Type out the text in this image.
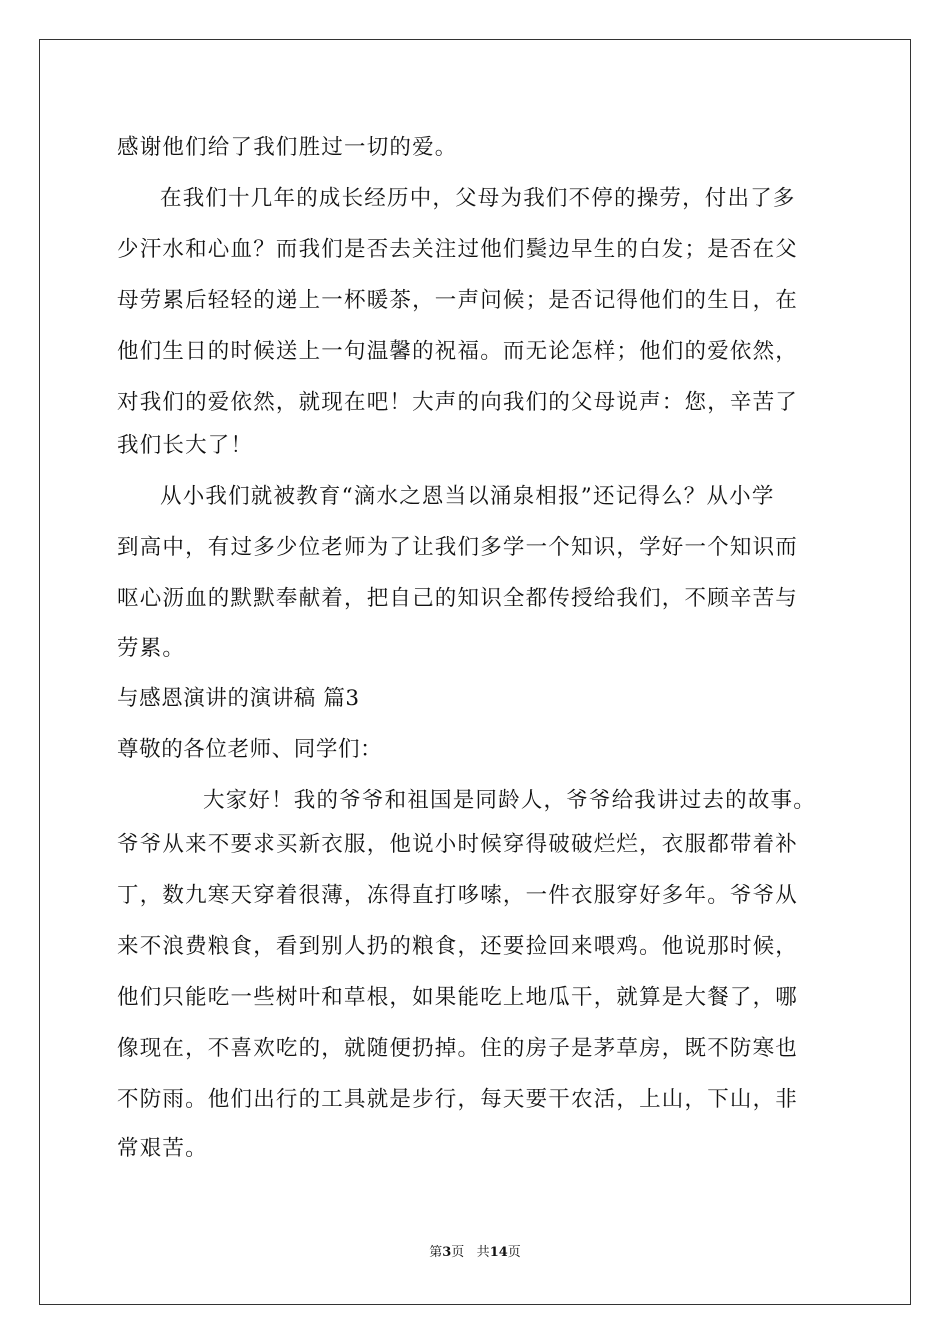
感谢他们给了我们胜过一切的爱。
在我们十几年的成长经历中，父母为我们不停的操劳，付出了多
少汗水和心血？而我们是否去关注过他们鬓边早生的白发；是否在父
母劳累后轻轻的递上一杯暖茶，一声问候；是否记得他们的生日，在
他们生日的时候送上一句温馨的祝福。而无论怎样；他们的爱依然，
对我们的爱依然，就现在吧！大声的向我们的父母说声：您，辛苦了
我们长大了！
从小我们就被教育“滴水之恩当以涌泉相报”还记得么？从小学
到高中，有过多少位老师为了让我们多学一个知识，学好一个知识而
呕心沥血的默默奉献着，把自己的知识全都传授给我们，不顾辛苦与
劳累。
与感恩演讲的演讲稿 篇3
尊敬的各位老师、同学们：
大家好！我的爷爷和祖国是同龄人，爷爷给我讲过去的故事。
爷爷从来不要求买新衣服，他说小时候穿得破破烂烂，衣服都带着补
丁，数九寒天穿着很薄，冻得直打哆嗦，一件衣服穿好多年。爷爷从
来不浪费粮食，看到别人扔的粮食，还要捡回来喂鸡。他说那时候，
他们只能吃一些树叶和草根，如果能吃上地瓜干，就算是大餐了，哪
像现在，不喜欢吃的，就随便扔掉。住的房子是茅草房，既不防寒也
不防雨。他们出行的工具就是步行，每天要干农活，上山，下山，非
常艰苦。
第3页 共14页
